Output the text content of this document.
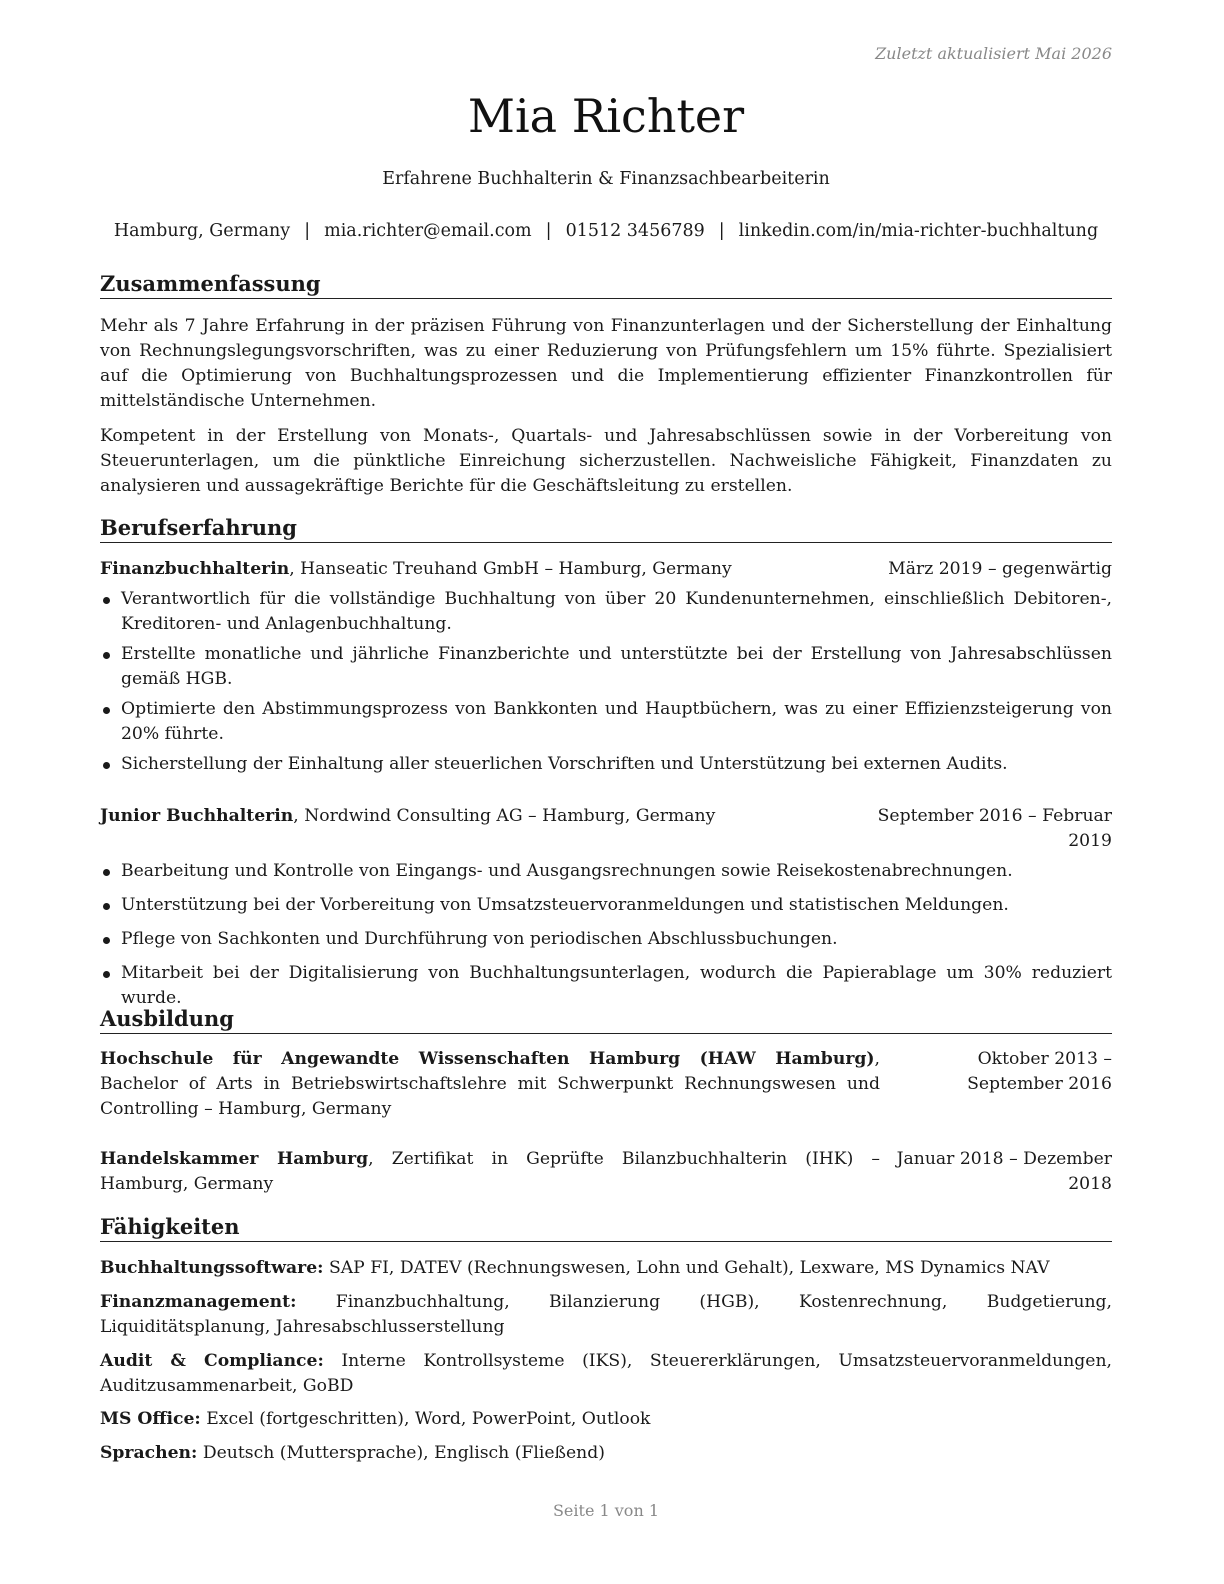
Zuletzt aktualisiert Mai 2026
Mia Richter
Erfahrene Buchhalterin & Finanzsachbearbeiterin
Hamburg, Germany | mia.richter@email.com | 01512 3456789 | linkedin.com/in/mia-richter-buchhaltung
Zusammenfassung

Mehr als 7 Jahre Erfahrung in der präzisen Führung von Finanzunterlagen und der Sicherstellung der Einhaltung von Rechnungslegungsvorschriften, was zu einer Reduzierung von Prüfungsfehlern um 15% führte. Spezialisiert auf die Optimierung von Buchhaltungsprozessen und die Implementierung effizienter Finanzkontrollen für mittelständische Unternehmen.

Kompetent in der Erstellung von Monats-, Quartals- und Jahresabschlüssen sowie in der Vorbereitung von Steuerunterlagen, um die pünktliche Einreichung sicherzustellen. Nachweisliche Fähigkeit, Finanzdaten zu analysieren und aussagekräftige Berichte für die Geschäftsleitung zu erstellen.

Berufserfahrung
Finanzbuchhalterin, Hanseatic Treuhand GmbH – Hamburg, Germany	März 2019 – gegenwärtig
Verantwortlich für die vollständige Buchhaltung von über 20 Kundenunternehmen, einschließlich Debitoren-, Kreditoren- und Anlagenbuchhaltung.
Erstellte monatliche und jährliche Finanzberichte und unterstützte bei der Erstellung von Jahresabschlüssen gemäß HGB.
Optimierte den Abstimmungsprozess von Bankkonten und Hauptbüchern, was zu einer Effizienzsteigerung von 20% führte.
Sicherstellung der Einhaltung aller steuerlichen Vorschriften und Unterstützung bei externen Audits.
Junior Buchhalterin, Nordwind Consulting AG – Hamburg, Germany	September 2016 – Februar 2019
Bearbeitung und Kontrolle von Eingangs- und Ausgangsrechnungen sowie Reisekostenabrechnungen.
Unterstützung bei der Vorbereitung von Umsatzsteuervoranmeldungen und statistischen Meldungen.
Pflege von Sachkonten und Durchführung von periodischen Abschlussbuchungen.
Mitarbeit bei der Digitalisierung von Buchhaltungsunterlagen, wodurch die Papierablage um 30% reduziert wurde.
Ausbildung
Hochschule für Angewandte Wissenschaften Hamburg (HAW Hamburg), Bachelor of Arts in Betriebswirtschaftslehre mit Schwerpunkt Rechnungswesen und Controlling – Hamburg, Germany
Oktober 2013 – September 2016
Handelskammer Hamburg, Zertifikat in Geprüfte Bilanzbuchhalterin (IHK) – Hamburg, Germany
Januar 2018 – Dezember 2018
Fähigkeiten
Buchhaltungssoftware: SAP FI, DATEV (Rechnungswesen, Lohn und Gehalt), Lexware, MS Dynamics NAV
Finanzmanagement: Finanzbuchhaltung, Bilanzierung (HGB), Kostenrechnung, Budgetierung, Liquiditätsplanung, Jahresabschlusserstellung
Audit & Compliance: Interne Kontrollsysteme (IKS), Steuererklärungen, Umsatzsteuervoranmeldungen, Auditzusammenarbeit, GoBD
MS Office: Excel (fortgeschritten), Word, PowerPoint, Outlook
Sprachen: Deutsch (Muttersprache), Englisch (Fließend)
Seite 1 von 1
